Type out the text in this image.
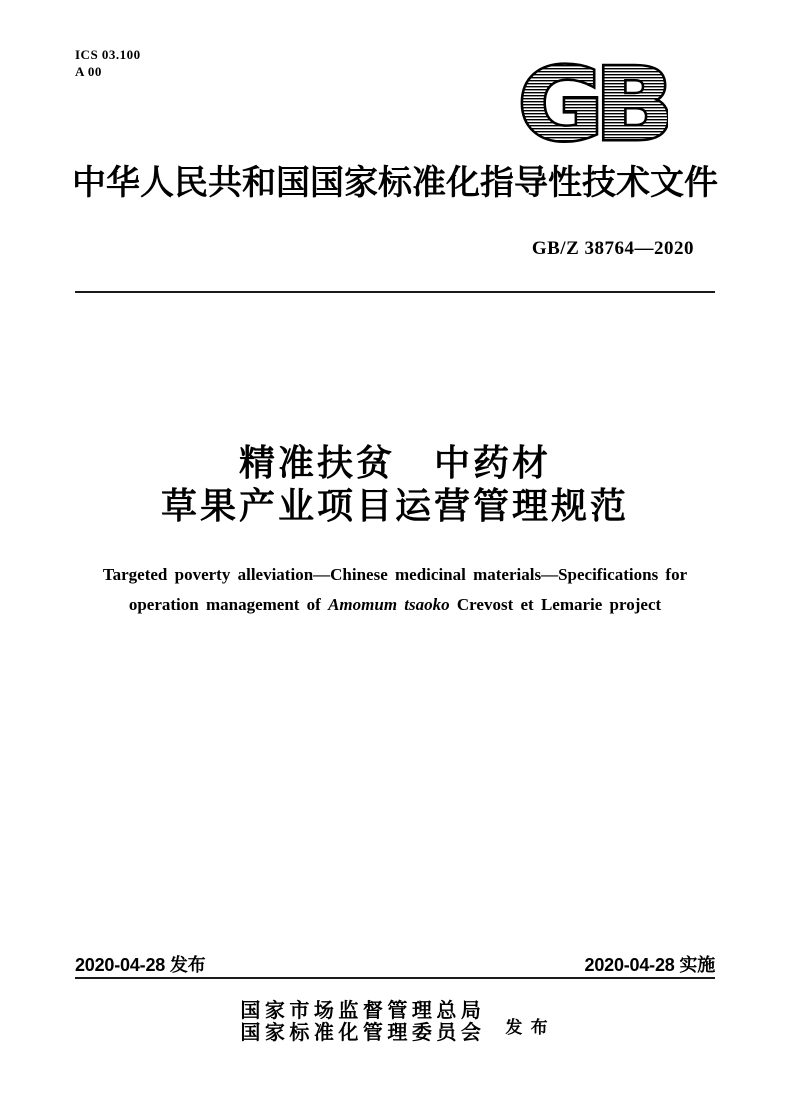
ICS 03.100
A 00	GB
中华人民共和国国家标准化指导性技术文件
GB/Z 38764—2020
精准扶贫　中药材
草果产业项目运营管理规范
Targeted poverty alleviation—Chinese medicinal materials—Specifications for
operation management of Amomum tsaoko Crevost et Lemarie project
2020-04-28 发布	2020-04-28 实施
国家市场监督管理总局
国家标准化管理委员会 发 布
